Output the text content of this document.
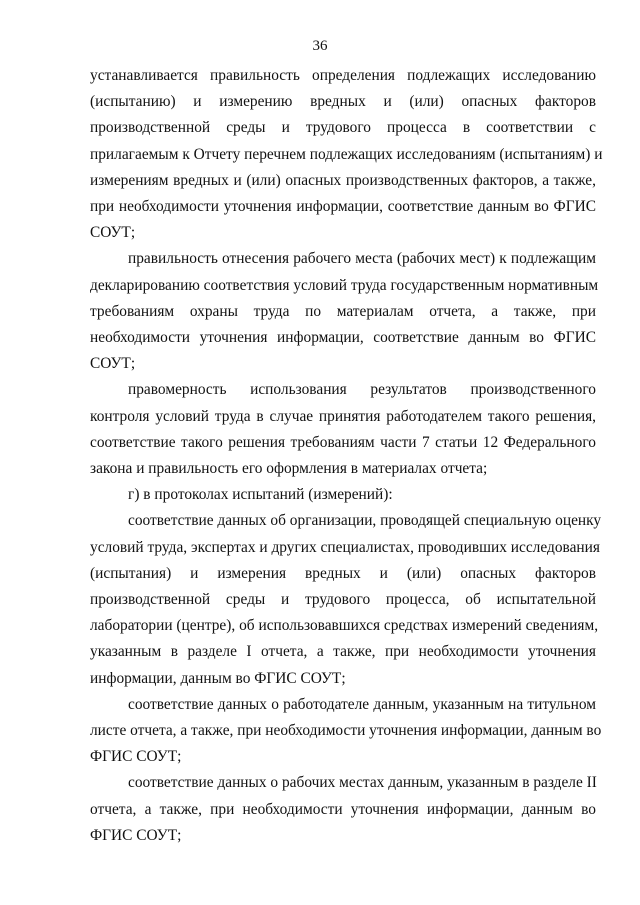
36

устанавливается правильность определения подлежащих исследованию
(испытанию) и измерению вредных и (или) опасных факторов
производственной среды и трудового процесса в соответствии с
прилагаемым к Отчету перечнем подлежащих исследованиям (испытаниям) и
измерениям вредных и (или) опасных производственных факторов, а также,
при необходимости уточнения информации, соответствие данным во ФГИС
СОУТ;

правильность отнесения рабочего места (рабочих мест) к подлежащим
декларированию соответствия условий труда государственным нормативным
требованиям охраны труда по материалам отчета, а также, при
необходимости уточнения информации, соответствие данным во ФГИС
СОУТ;

правомерность использования результатов производственного
контроля условий труда в случае принятия работодателем такого решения,
соответствие такого решения требованиям части 7 статьи 12 Федерального
закона и правильность его оформления в материалах отчета;

г) в протоколах испытаний (измерений):

соответствие данных об организации, проводящей специальную оценку
условий труда, экспертах и других специалистах, проводивших исследования
(испытания) и измерения вредных и (или) опасных факторов
производственной среды и трудового процесса, об испытательной
лаборатории (центре), об использовавшихся средствах измерений сведениям,
указанным в разделе I отчета, а также, при необходимости уточнения
информации, данным во ФГИС СОУТ;

соответствие данных о работодателе данным, указанным на титульном
листе отчета, а также, при необходимости уточнения информации, данным во
ФГИС СОУТ;

соответствие данных о рабочих местах данным, указанным в разделе II
отчета, а также, при необходимости уточнения информации, данным во
ФГИС СОУТ;
